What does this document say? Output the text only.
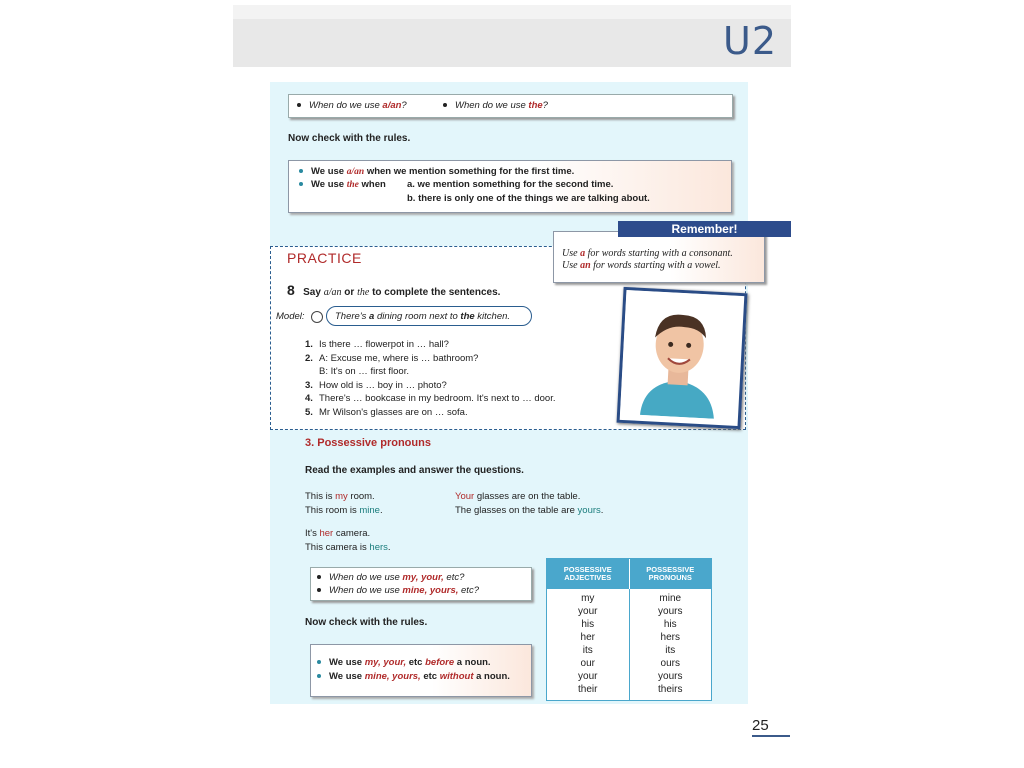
U2
When do we use a/an?	When do we use the?
Now check with the rules.
We use a/an when we mention something for the first time.
We use the when a. we mention something for the second time.
b. there is only one of the things we are talking about.
PRACTICE
8 Say a/an or the to complete the sentences.
Model:	There's a dining room next to the kitchen.
1. Is there … flowerpot in … hall?
2. A: Excuse me, where is … bathroom?
B: It's on … first floor.
3. How old is … boy in … photo?
4. There's … bookcase in my bedroom. It's next to … door.
5. Mr Wilson's glasses are on … sofa.
Use a for words starting with a consonant.
Use an for words starting with a vowel.
Remember!
3. Possessive pronouns
Read the examples and answer the questions.
This is my room.
This room is mine.
Your glasses are on the table.
The glasses on the table are yours.
It's her camera.
This camera is hers.
When do we use my, your, etc?
When do we use mine, yours, etc?
Now check with the rules.
We use my, your, etc before a noun.
We use mine, yours, etc without a noun.
POSSESSIVE ADJECTIVES
POSSESSIVE PRONOUNS
my
your
his
her
its
our
your
their
mine
yours
his
hers
its
ours
yours
theirs
25
